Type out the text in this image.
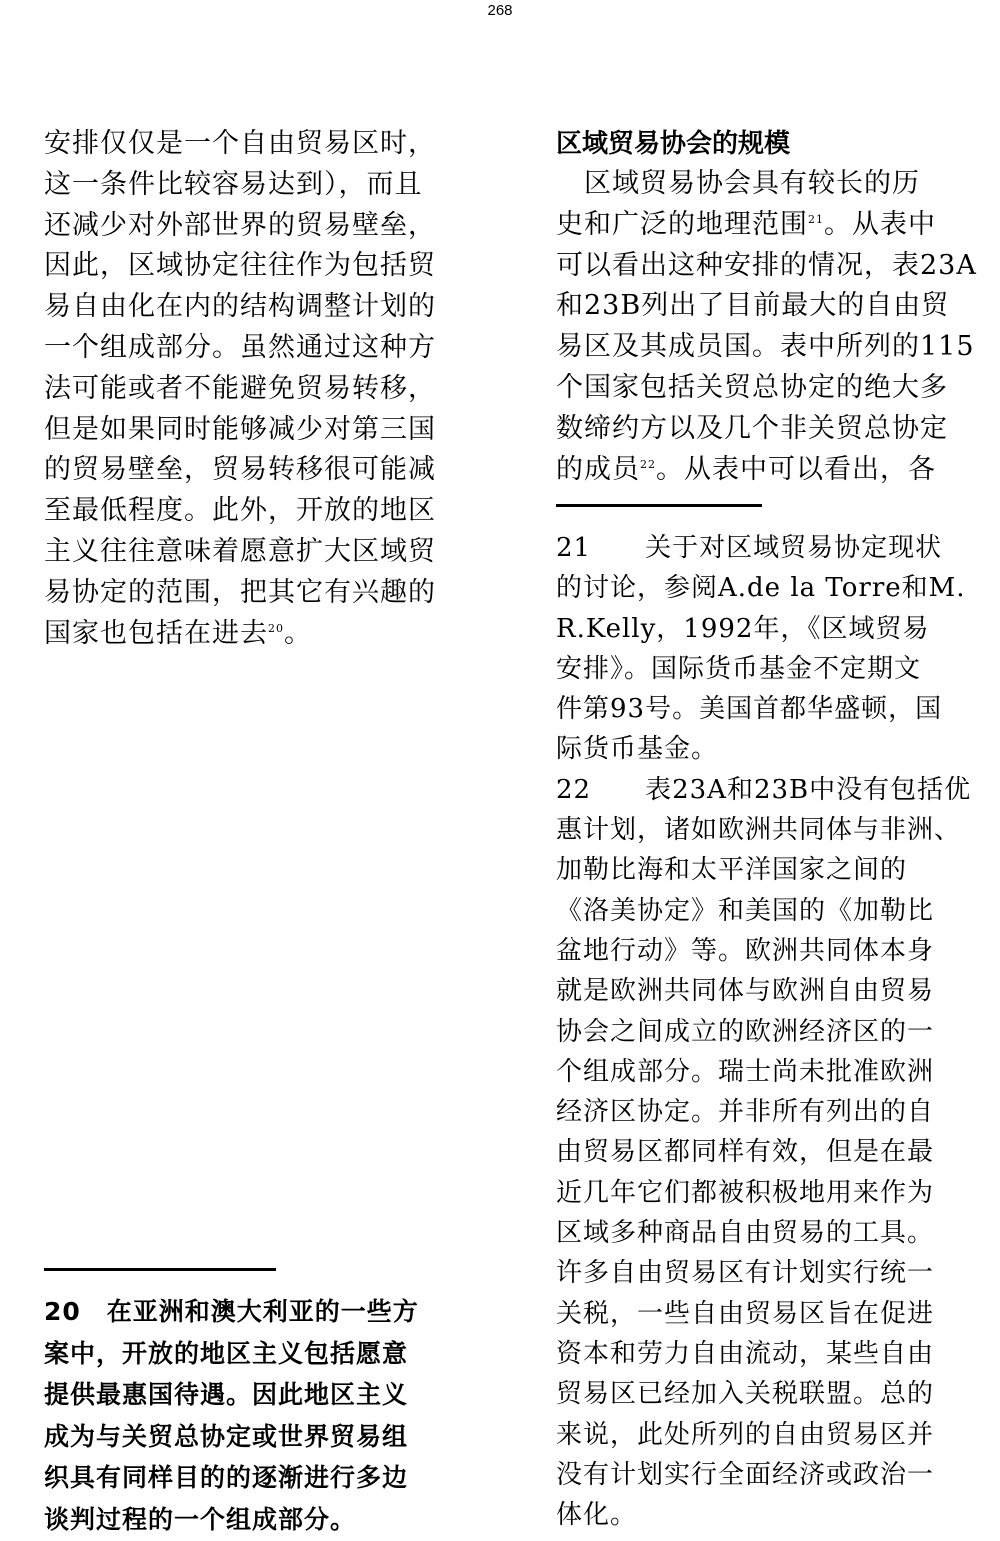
268
安排仅仅是一个自由贸易区时，
这一条件比较容易达到），而且
还减少对外部世界的贸易壁垒，
因此，区域协定往往作为包括贸
易自由化在内的结构调整计划的
一个组成部分。虽然通过这种方
法可能或者不能避免贸易转移，
但是如果同时能够减少对第三国
的贸易壁垒，贸易转移很可能减
至最低程度。此外，开放的地区
主义往往意味着愿意扩大区域贸
易协定的范围，把其它有兴趣的
国家也包括在进去$^{20}$。
20　在亚洲和澳大利亚的一些方
案中，开放的地区主义包括愿意
提供最惠国待遇。因此地区主义
成为与关贸总协定或世界贸易组
织具有同样目的的逐渐进行多边
谈判过程的一个组成部分。
区域贸易协会的规模
　区域贸易协会具有较长的历
史和广泛的地理范围$^{21}$。从表中
可以看出这种安排的情况，表23A
和23B列出了目前最大的自由贸
易区及其成员国。表中所列的115
个国家包括关贸总协定的绝大多
数缔约方以及几个非关贸总协定
的成员$^{22}$。从表中可以看出，各
21　　关于对区域贸易协定现状
的讨论，参阅A.de la Torre和M.
R.Kelly，1992年，《区域贸易
安排》。国际货币基金不定期文
件第93号。美国首都华盛顿，国
际货币基金。
22　　表23A和23B中没有包括优
惠计划，诸如欧洲共同体与非洲、
加勒比海和太平洋国家之间的
《洛美协定》和美国的《加勒比
盆地行动》等。欧洲共同体本身
就是欧洲共同体与欧洲自由贸易
协会之间成立的欧洲经济区的一
个组成部分。瑞士尚未批准欧洲
经济区协定。并非所有列出的自
由贸易区都同样有效，但是在最
近几年它们都被积极地用来作为
区域多种商品自由贸易的工具。
许多自由贸易区有计划实行统一
关税，一些自由贸易区旨在促进
资本和劳力自由流动，某些自由
贸易区已经加入关税联盟。总的
来说，此处所列的自由贸易区并
没有计划实行全面经济或政治一
体化。
